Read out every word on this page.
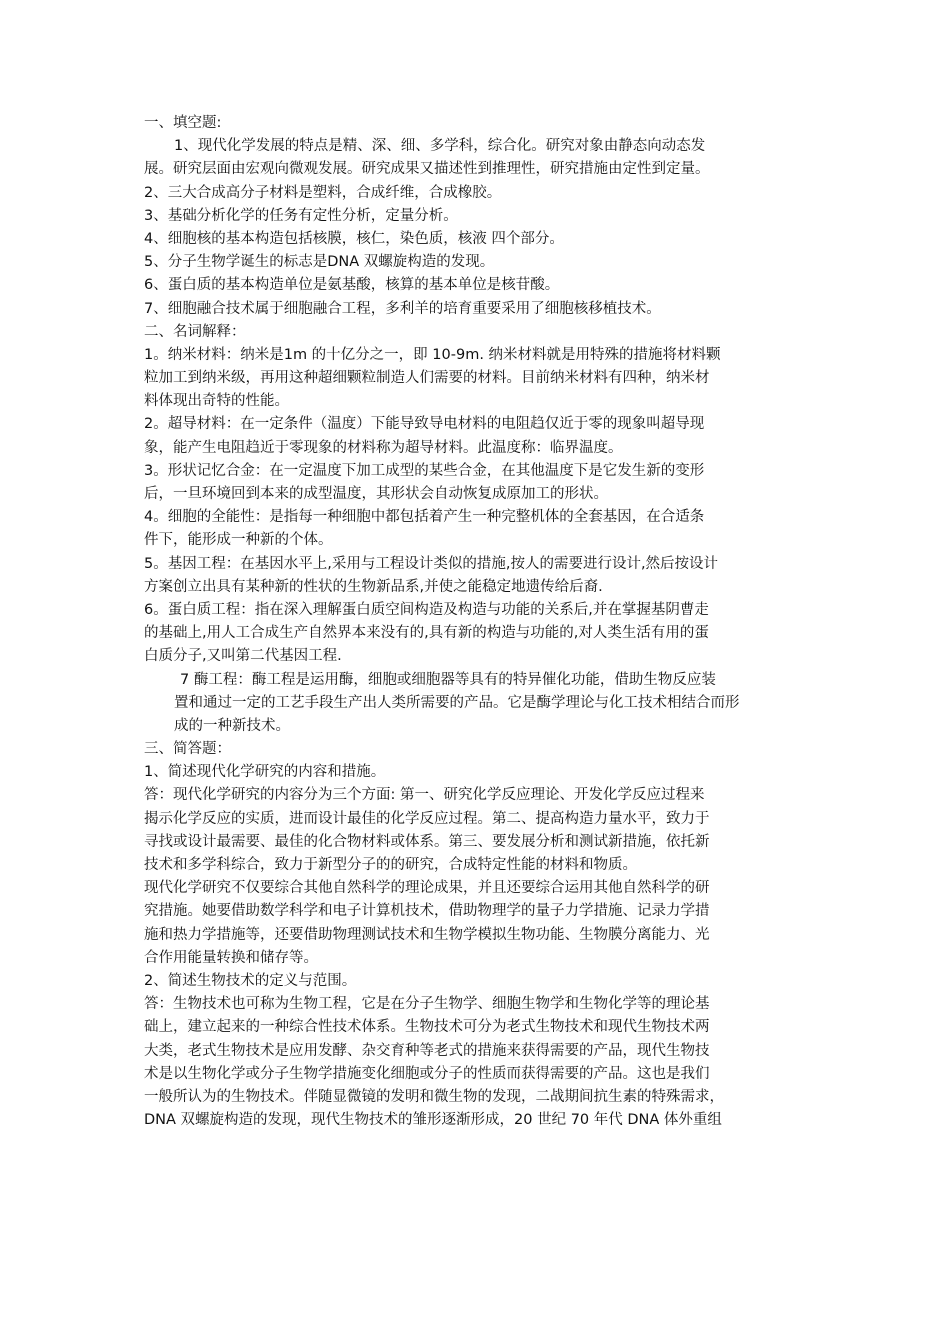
一、填空题:
1、现代化学发展的特点是精、深、细、多学科，综合化。研究对象由静态向动态发
展。研究层面由宏观向微观发展。研究成果又描述性到推理性，研究措施由定性到定量。
2、三大合成高分子材料是塑料，合成纤维，合成橡胶。
3、基础分析化学的任务有定性分析，定量分析。
4、细胞核的基本构造包括核膜，核仁，染色质，核液 四个部分。
5、分子生物学诞生的标志是DNA 双螺旋构造的发现。
6、蛋白质的基本构造单位是氨基酸，核算的基本单位是核苷酸。
7、细胞融合技术属于细胞融合工程，多利羊的培育重要采用了细胞核移植技术。
二、名词解释：
1。纳米材料：纳米是1m 的十亿分之一，即 10-9m. 纳米材料就是用特殊的措施将材料颗
粒加工到纳米级，再用这种超细颗粒制造人们需要的材料。目前纳米材料有四种，纳米材
料体现出奇特的性能。
2。超导材料：在一定条件（温度）下能导致导电材料的电阻趋仅近于零的现象叫超导现
象，能产生电阻趋近于零现象的材料称为超导材料。此温度称：临界温度。
3。形状记忆合金：在一定温度下加工成型的某些合金，在其他温度下是它发生新的变形
后，一旦环境回到本来的成型温度，其形状会自动恢复成原加工的形状。
4。细胞的全能性：是指每一种细胞中都包括着产生一种完整机体的全套基因，在合适条
件下，能形成一种新的个体。
5。基因工程：在基因水平上,采用与工程设计类似的措施,按人的需要进行设计,然后按设计
方案创立出具有某种新的性状的生物新品系,并使之能稳定地遗传给后裔.
6。蛋白质工程：指在深入理解蛋白质空间构造及构造与功能的关系后,并在掌握基阴曹走
的基础上,用人工合成生产自然界本来没有的,具有新的构造与功能的,对人类生活有用的蛋
白质分子,又叫第二代基因工程.
7 酶工程：酶工程是运用酶，细胞或细胞器等具有的特异催化功能，借助生物反应装
置和通过一定的工艺手段生产出人类所需要的产品。它是酶学理论与化工技术相结合而形
成的一种新技术。
三、简答题：
1、简述现代化学研究的内容和措施。
答：现代化学研究的内容分为三个方面: 第一、研究化学反应理论、开发化学反应过程来
揭示化学反应的实质，进而设计最佳的化学反应过程。第二、提高构造力量水平，致力于
寻找或设计最需要、最佳的化合物材料或体系。第三、要发展分析和测试新措施，依托新
技术和多学科综合，致力于新型分子的的研究，合成特定性能的材料和物质。
现代化学研究不仅要综合其他自然科学的理论成果，并且还要综合运用其他自然科学的研
究措施。她要借助数学科学和电子计算机技术，借助物理学的量子力学措施、记录力学措
施和热力学措施等，还要借助物理测试技术和生物学模拟生物功能、生物膜分离能力、光
合作用能量转换和储存等。
2、简述生物技术的定义与范围。
答：生物技术也可称为生物工程，它是在分子生物学、细胞生物学和生物化学等的理论基
础上，建立起来的一种综合性技术体系。生物技术可分为老式生物技术和现代生物技术两
大类，老式生物技术是应用发酵、杂交育种等老式的措施来获得需要的产品，现代生物技
术是以生物化学或分子生物学措施变化细胞或分子的性质而获得需要的产品。这也是我们
一般所认为的生物技术。伴随显微镜的发明和微生物的发现，二战期间抗生素的特殊需求，
DNA 双螺旋构造的发现，现代生物技术的雏形逐渐形成，20 世纪 70 年代 DNA 体外重组
